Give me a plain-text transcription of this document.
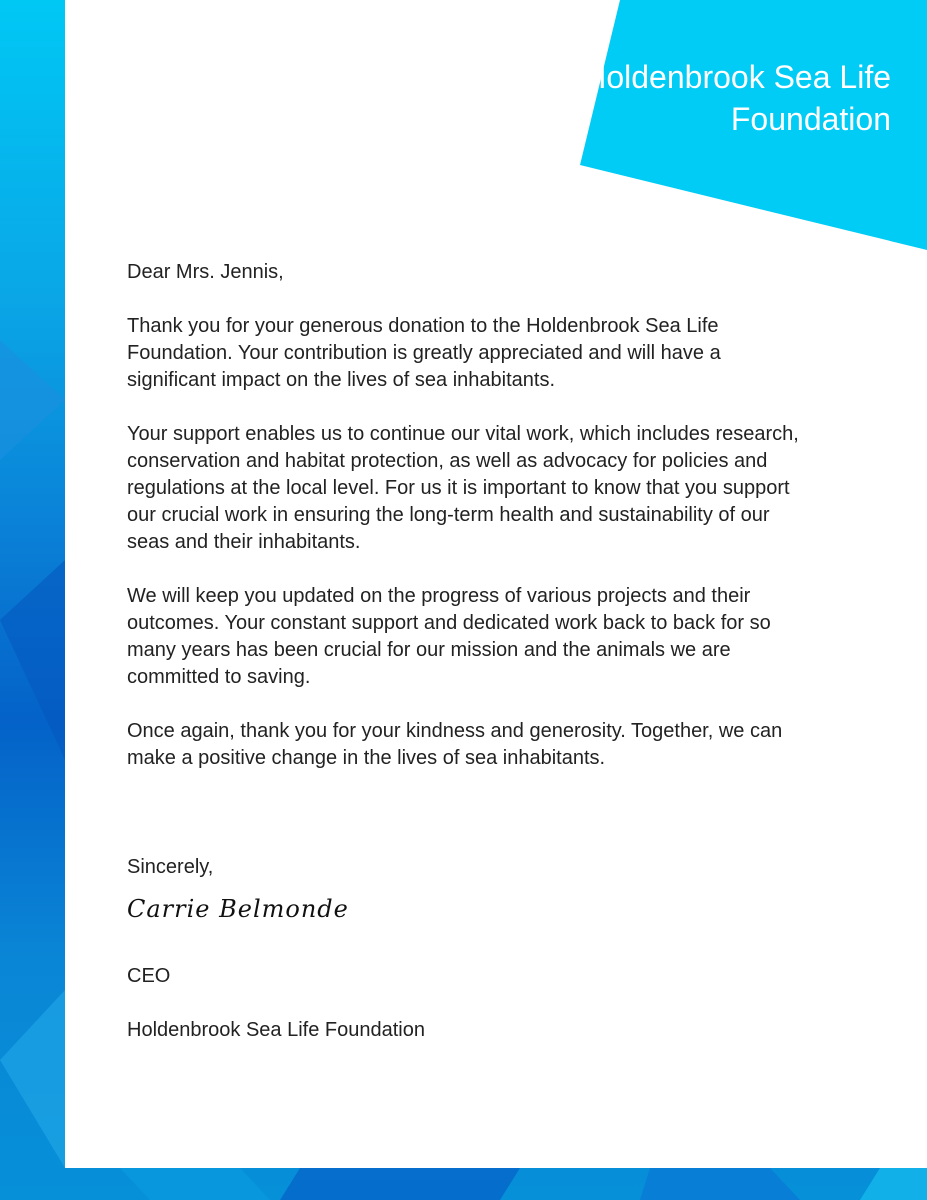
Holdenbrook Sea Life Foundation

Dear Mrs. Jennis,

Thank you for your generous donation to the Holdenbrook Sea Life Foundation. Your contribution is greatly appreciated and will have a significant impact on the lives of sea inhabitants.

Your support enables us to continue our vital work, which includes research, conservation and habitat protection, as well as advocacy for policies and regulations at the local level. For us it is important to know that you support our crucial work in ensuring the long-term health and sustainability of our seas and their inhabitants.

We will keep you updated on the progress of various projects and their outcomes. Your constant support and dedicated work back to back for so many years has been crucial for our mission and the animals we are committed to saving.

Once again, thank you for your kindness and generosity. Together, we can make a positive change in the lives of sea inhabitants.

Sincerely,
Carrie Belmonde
CEO
Holdenbrook Sea Life Foundation
